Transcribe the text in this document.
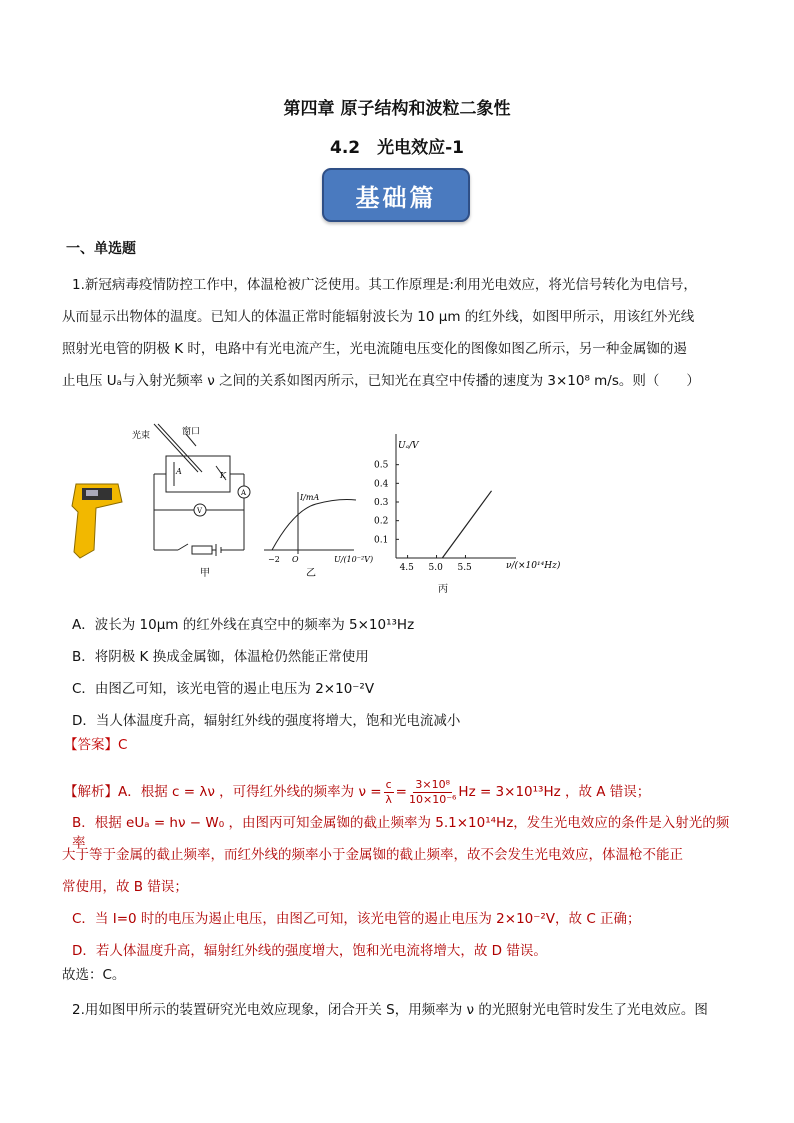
第四章 原子结构和波粒二象性
4.2　光电效应-1
基础篇
一、单选题
1.新冠病毒疫情防控工作中，体温枪被广泛使用。其工作原理是:利用光电效应，将光信号转化为电信号，
从而显示出物体的温度。已知人的体温正常时能辐射波长为 10 μm 的红外线，如图甲所示，用该红外光线
照射光电管的阴极 K 时，电路中有光电流产生，光电流随电压变化的图像如图乙所示，另一种金属铷的遏
止电压 Uₐ与入射光频率 ν 之间的关系如图丙所示，已知光在真空中传播的速度为 3×10⁸ m/s。则（　　）
光束	窗口
A	K
A
V
甲
I/mA
−2 O	U/(10⁻²V)
乙
0.5
0.4
0.3
0.2
0.1
4.5 5.0 5.5
Uₐ/V
ν/(×10¹⁴Hz)
丙
A．波长为 10μm 的红外线在真空中的频率为 5×10¹³Hz
B．将阴极 K 换成金属铷，体温枪仍然能正常使用
C．由图乙可知，该光电管的遏止电压为 2×10⁻²V
D．当人体温度升高，辐射红外线的强度将增大，饱和光电流减小
【答案】C
【解析】 A．根据 c = λν ，可得红外线的频率为 $\nu = \frac{c}{\lambda} = \frac{\text{3×10⁸}}{\text{10×10⁻⁶}}$ Hz = 3×10¹³Hz ，故 A 错误；
B．根据 eUₐ = hν − W₀ ，由图丙可知金属铷的截止频率为 5.1×10¹⁴Hz，发生光电效应的条件是入射光的频率
大于等于金属的截止频率，而红外线的频率小于金属铷的截止频率，故不会发生光电效应，体温枪不能正
常使用，故 B 错误；
C．当 I=0 时的电压为遏止电压，由图乙可知，该光电管的遏止电压为 2×10⁻²V，故 C 正确；
D．若人体温度升高，辐射红外线的强度增大，饱和光电流将增大，故 D 错误。
故选：C。
2.用如图甲所示的装置研究光电效应现象，闭合开关 S，用频率为 ν 的光照射光电管时发生了光电效应。图
